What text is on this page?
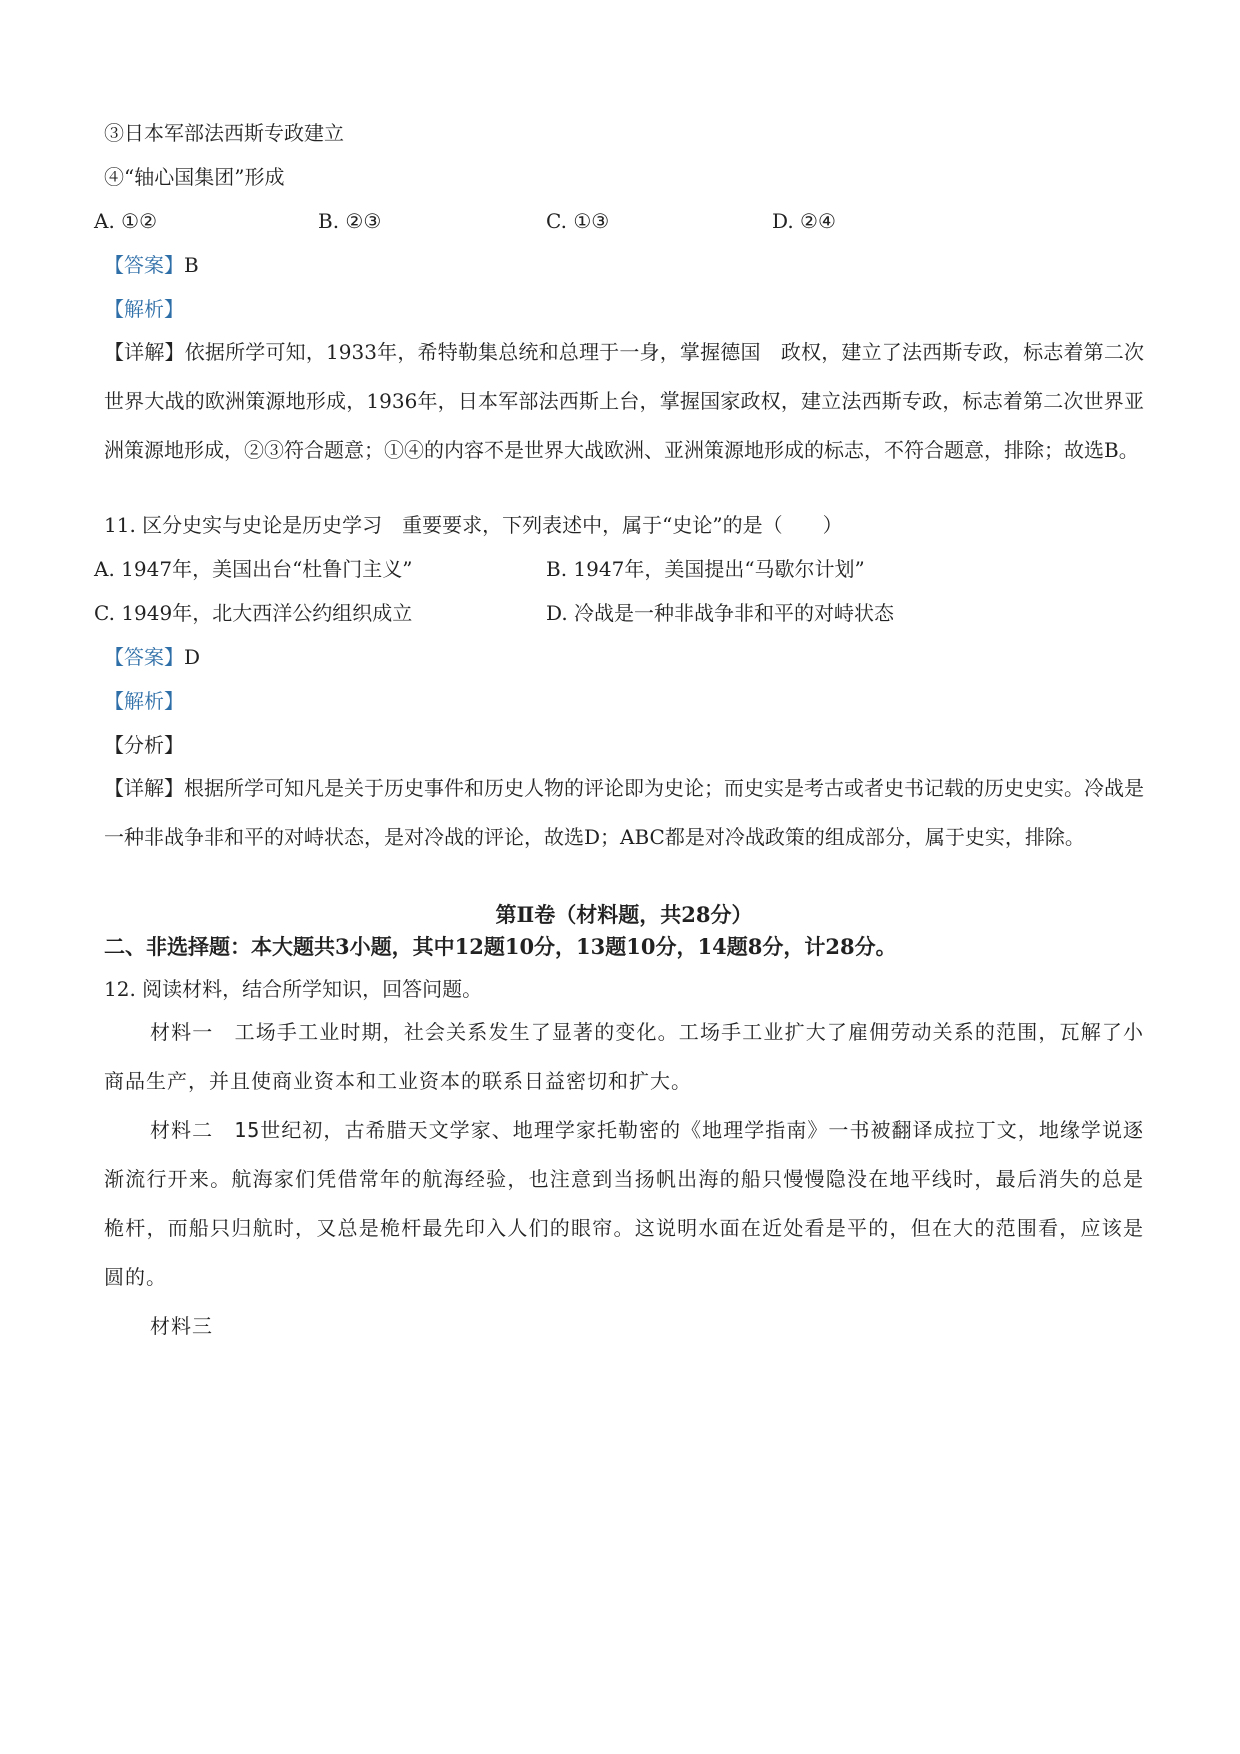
③日本军部法西斯专政建立
④“轴心国集团”形成
A. ①②	B. ②③	C. ①③	D. ②④
【答案】B
【解析】
【详解】依据所学可知，1933年，希特勒集总统和总理于一身，掌握德国　政权，建立了法西斯专政，标志着第二次世界大战的欧洲策源地形成，1936年，日本军部法西斯上台，掌握国家政权，建立法西斯专政，标志着第二次世界亚洲策源地形成，②③符合题意；①④的内容不是世界大战欧洲、亚洲策源地形成的标志，不符合题意，排除；故选B。
11. 区分史实与史论是历史学习　重要要求，下列表述中，属于“史论”的是（　　）
A. 1947年，美国出台“杜鲁门主义”	B. 1947年，美国提出“马歇尔计划”
C. 1949年，北大西洋公约组织成立	D. 冷战是一种非战争非和平的对峙状态
【答案】D
【解析】
【分析】
【详解】根据所学可知凡是关于历史事件和历史人物的评论即为史论；而史实是考古或者史书记载的历史史实。冷战是一种非战争非和平的对峙状态，是对冷战的评论，故选D；ABC都是对冷战政策的组成部分，属于史实，排除。
第Ⅱ卷（材料题，共28分）
二、非选择题：本大题共3小题，其中12题10分，13题10分，14题8分，计28分。
12. 阅读材料，结合所学知识，回答问题。
材料一　工场手工业时期，社会关系发生了显著的变化。工场手工业扩大了雇佣劳动关系的范围，瓦解了小商品生产，并且使商业资本和工业资本的联系日益密切和扩大。
材料二　15世纪初，古希腊天文学家、地理学家托勒密的《地理学指南》一书被翻译成拉丁文，地缘学说逐渐流行开来。航海家们凭借常年的航海经验，也注意到当扬帆出海的船只慢慢隐没在地平线时，最后消失的总是桅杆，而船只归航时，又总是桅杆最先印入人们的眼帘。这说明水面在近处看是平的，但在大的范围看，应该是圆的。
材料三
